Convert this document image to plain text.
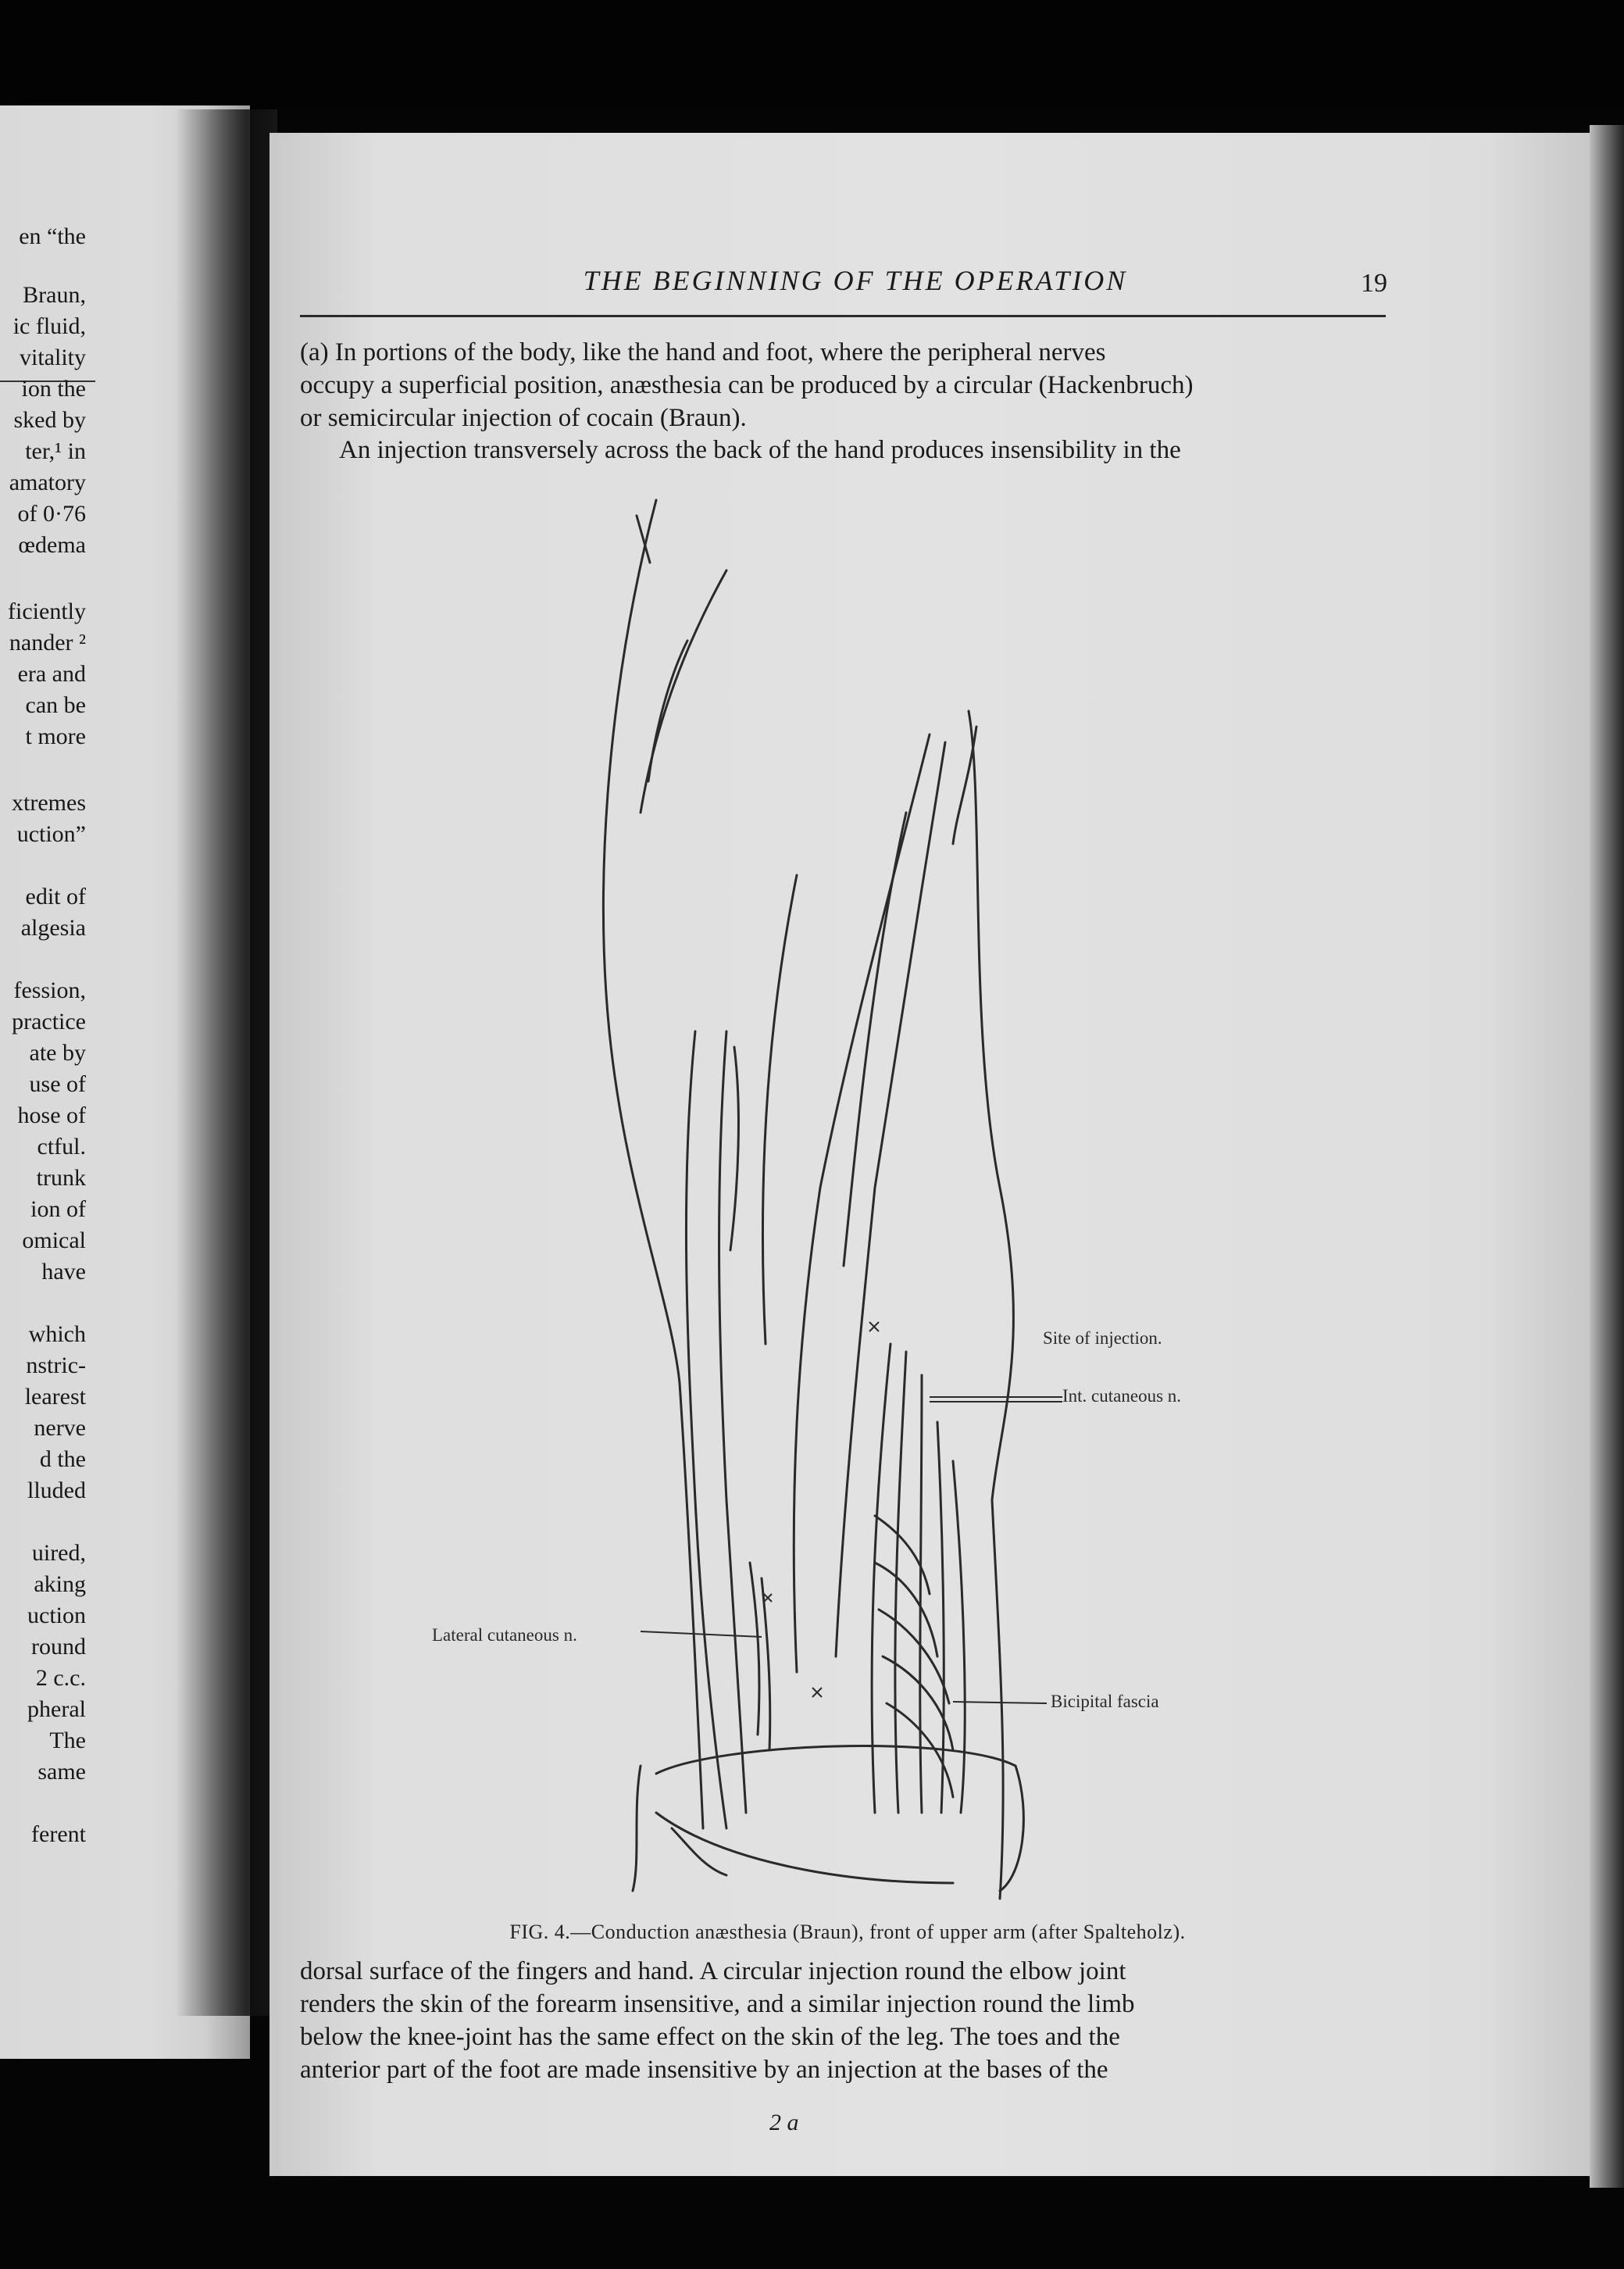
en “the
Braun,
ic fluid,
vitality
ion the
sked by
ter,¹ in
amatory
of 0·76
œdema
ficiently
nander ²
era and
can be
t more
xtremes
uction”
edit of
algesia
fession,
practice
ate by
use of
hose of
ctful.
trunk
ion of
omical
have
which
nstric-
learest
nerve
d the
lluded
uired,
aking
uction
round
2 c.c.
pheral
The
same
ferent
THE BEGINNING OF THE OPERATION	19
(a) In portions of the body, like the hand and foot, where the peripheral nerves
occupy a superficial position, anæsthesia can be produced by a circular (Hackenbruch)
or semicircular injection of cocain (Braun).
An injection transversely across the back of the hand produces insensibility in the
Site of injection.
Int. cutaneous n.
Lateral cutaneous n.
Bicipital fascia
FIG. 4.—Conduction anæsthesia (Braun), front of upper arm (after Spalteholz).
dorsal surface of the fingers and hand. A circular injection round the elbow joint
renders the skin of the forearm insensitive, and a similar injection round the limb
below the knee-joint has the same effect on the skin of the leg. The toes and the
anterior part of the foot are made insensitive by an injection at the bases of the
2 a
